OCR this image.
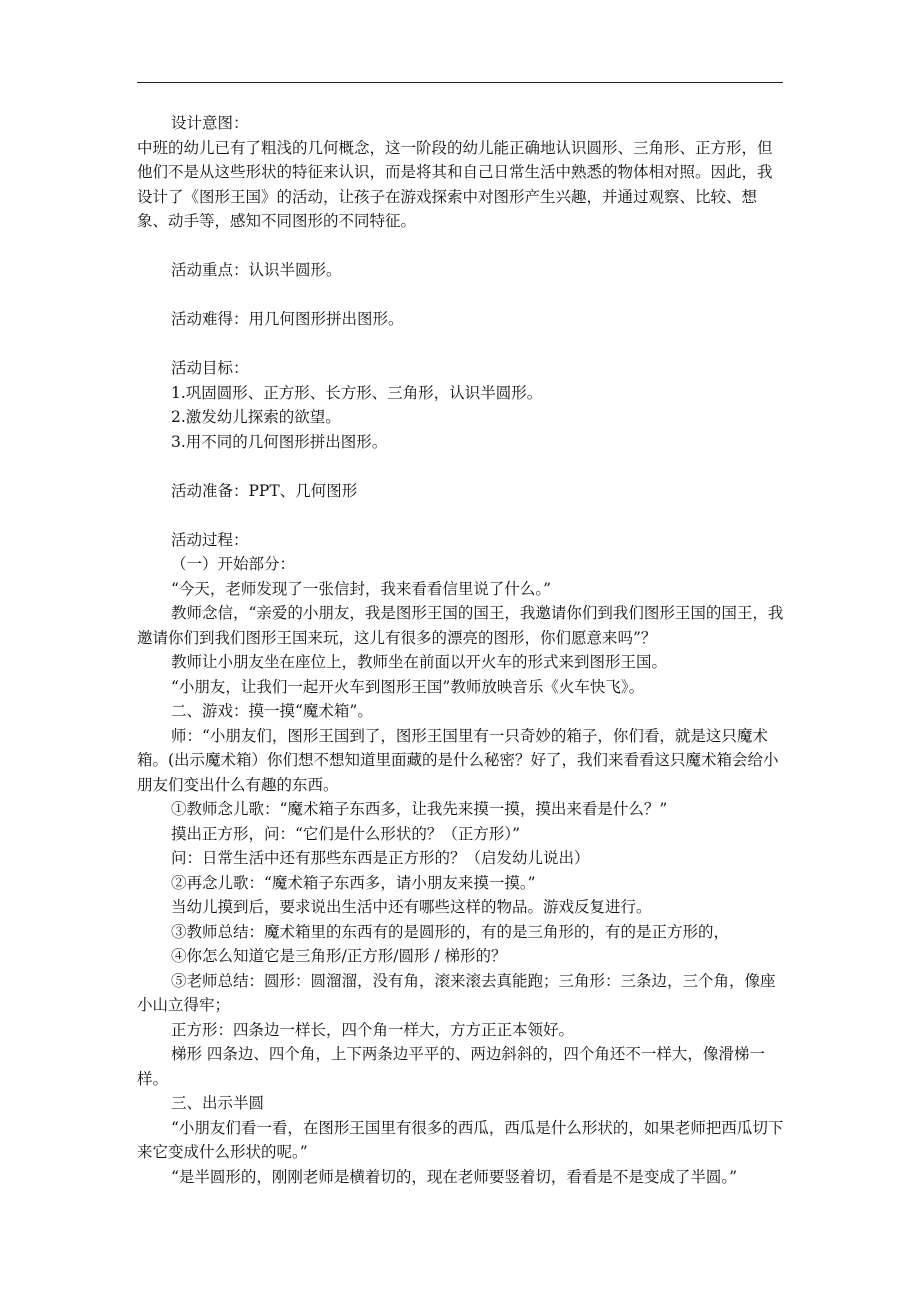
设计意图：

中班的幼儿已有了粗浅的几何概念，这一阶段的幼儿能正确地认识圆形、三角形、正方形，但他们不是从这些形状的特征来认识，而是将其和自己日常生活中熟悉的物体相对照。因此，我设计了《图形王国》的活动，让孩子在游戏探索中对图形产生兴趣，并通过观察、比较、想象、动手等，感知不同图形的不同特征。

活动重点：认识半圆形。

活动难得：用几何图形拼出图形。

活动目标：

1.巩固圆形、正方形、长方形、三角形，认识半圆形。

2.激发幼儿探索的欲望。

3.用不同的几何图形拼出图形。

活动准备：PPT、几何图形

活动过程：

（一）开始部分：

“今天，老师发现了一张信封，我来看看信里说了什么。”

教师念信，“亲爱的小朋友，我是图形王国的国王，我邀请你们到我们图形王国的国王，我邀请你们到我们图形王国来玩，这儿有很多的漂亮的图形，你们愿意来吗”？

教师让小朋友坐在座位上，教师坐在前面以开火车的形式来到图形王国。

“小朋友，让我们一起开火车到图形王国”教师放映音乐《火车快飞》。

二、游戏：摸一摸“魔术箱”。

师：“小朋友们，图形王国到了，图形王国里有一只奇妙的箱子，你们看，就是这只魔术箱。(出示魔术箱）你们想不想知道里面藏的是什么秘密？好了，我们来看看这只魔术箱会给小朋友们变出什么有趣的东西。

①教师念儿歌：“魔术箱子东西多，让我先来摸一摸，摸出来看是什么？”

摸出正方形，问：“它们是什么形状的？（正方形）”

问：日常生活中还有那些东西是正方形的？（启发幼儿说出）

②再念儿歌：“魔术箱子东西多，请小朋友来摸一摸。”

当幼儿摸到后，要求说出生活中还有哪些这样的物品。游戏反复进行。

③教师总结：魔术箱里的东西有的是圆形的，有的是三角形的，有的是正方形的，

④你怎么知道它是三角形/正方形/圆形 / 梯形的？

⑤老师总结：圆形：圆溜溜，没有角，滚来滚去真能跑；三角形：三条边，三个角，像座小山立得牢；

正方形：四条边一样长，四个角一样大，方方正正本领好。

梯形 四条边、四个角，上下两条边平平的、两边斜斜的，四个角还不一样大，像滑梯一样。

三、出示半圆

“小朋友们看一看，在图形王国里有很多的西瓜，西瓜是什么形状的，如果老师把西瓜切下来它变成什么形状的呢。”

“是半圆形的，刚刚老师是横着切的，现在老师要竖着切，看看是不是变成了半圆。”
